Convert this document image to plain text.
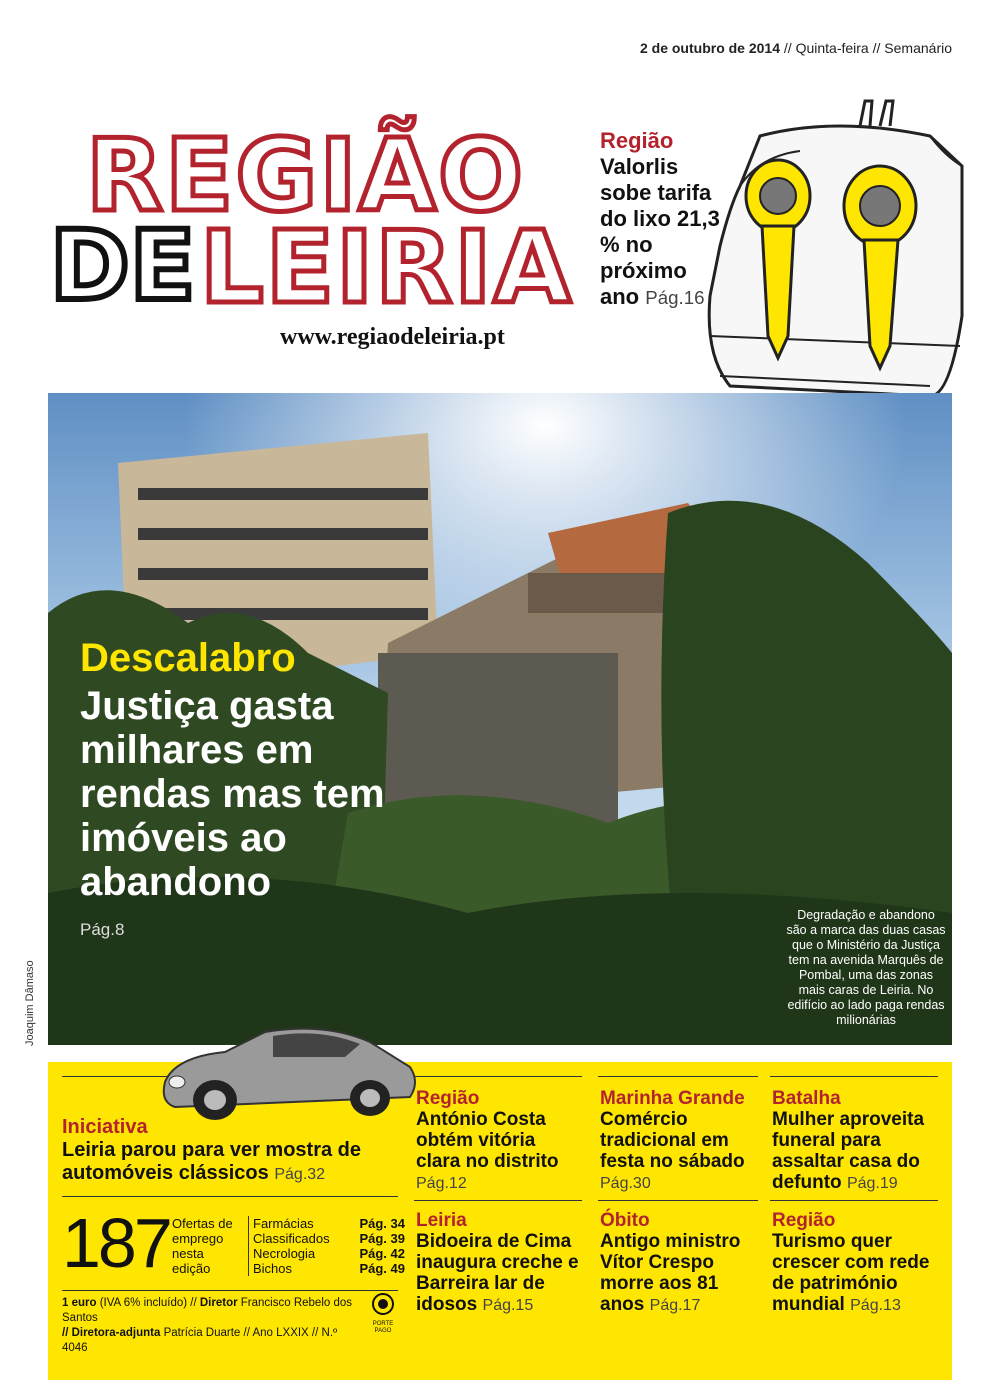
2 de outubro de 2014 // Quinta-feira // Semanário
REGIÃO
DE LEIRIA
www.regiaodeleiria.pt
Região
Valorlis sobe tarifa do lixo 21,3 % no próximo ano Pág.16
Descalabro
Justiça gasta milhares em rendas mas tem imóveis ao abandono
Pág.8
Degradação e abandono são a marca das duas casas que o Ministério da Justiça tem na avenida Marquês de Pombal, uma das zonas mais caras de Leiria. No edifício ao lado paga rendas milionárias
Joaquim Dâmaso
Iniciativa
Leiria parou para ver mostra de automóveis clássicos Pág.32
Região
António Costa obtém vitória clara no distrito Pág.12
Marinha Grande
Comércio tradicional em festa no sábado Pág.30
Batalha
Mulher aproveita funeral para assaltar casa do defunto Pág.19
Leiria
Bidoeira de Cima inaugura creche e Barreira lar de idosos Pág.15
Óbito
Antigo ministro Vítor Crespo morre aos 81 anos Pág.17
Região
Turismo quer crescer com rede de património mundial Pág.13
187 Ofertas de emprego nesta edição
Farmácias	Pág. 34
Classificados Pág. 39
Necrologia	Pág. 42
Bichos	Pág. 49
1 euro (IVA 6% incluído) // Diretor Francisco Rebelo dos Santos
// Diretora-adjunta Patrícia Duarte // Ano LXXIX // N.º 4046
PORTE PAGO
